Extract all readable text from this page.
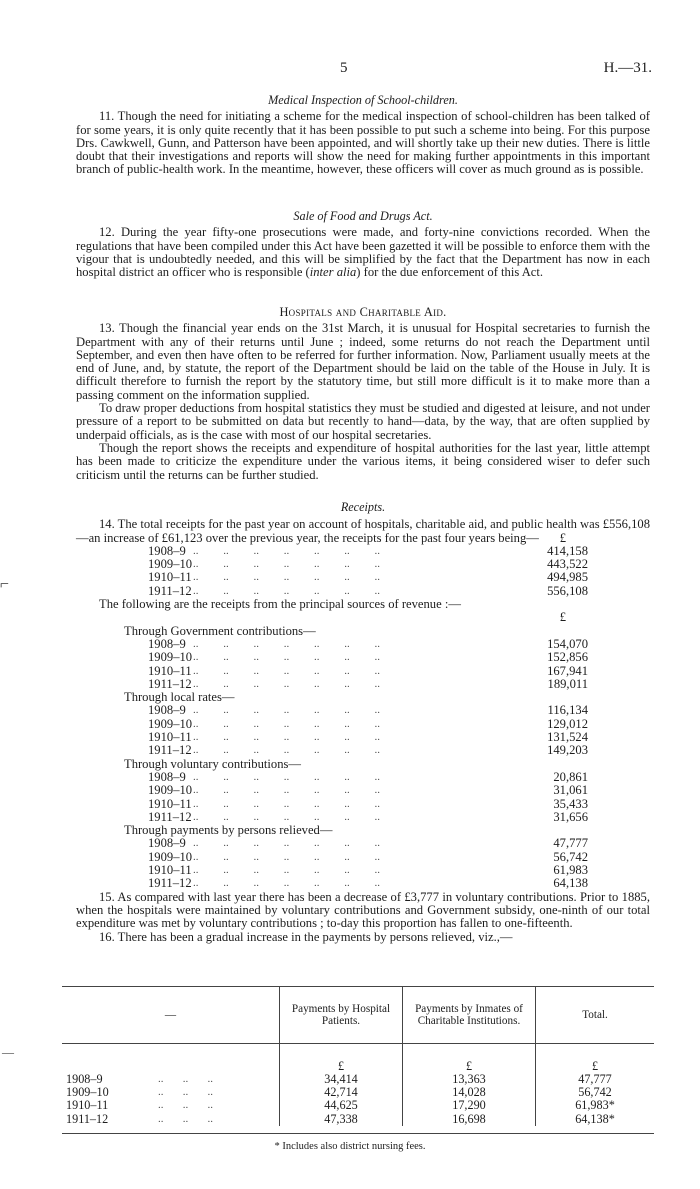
5	H.—31.
Medical Inspection of School-children.

11. Though the need for initiating a scheme for the medical inspection of school-children has been talked of for some years, it is only quite recently that it has been possible to put such a scheme into being. For this purpose Drs. Cawkwell, Gunn, and Patterson have been appointed, and will shortly take up their new duties. There is little doubt that their investigations and reports will show the need for making further appointments in this important branch of public-health work. In the meantime, however, these officers will cover as much ground as is possible.

Sale of Food and Drugs Act.

12. During the year fifty-one prosecutions were made, and forty-nine convictions recorded. When the regulations that have been compiled under this Act have been gazetted it will be possible to enforce them with the vigour that is undoubtedly needed, and this will be simplified by the fact that the Department has now in each hospital district an officer who is responsible (inter alia) for the due enforcement of this Act.

Hospitals and Charitable Aid.

13. Though the financial year ends on the 31st March, it is unusual for Hospital secretaries to furnish the Department with any of their returns until June ; indeed, some returns do not reach the Department until September, and even then have often to be referred for further information. Now, Parliament usually meets at the end of June, and, by statute, the report of the Department should be laid on the table of the House in July. It is difficult therefore to furnish the report by the statutory time, but still more difficult is it to make more than a passing comment on the information supplied.

To draw proper deductions from hospital statistics they must be studied and digested at leisure, and not under pressure of a report to be submitted on data but recently to hand—data, by the way, that are often supplied by underpaid officials, as is the case with most of our hospital secretaries.

Though the report shows the receipts and expenditure of hospital authorities for the last year, little attempt has been made to criticize the expenditure under the various items, it being considered wiser to defer such criticism until the returns can be further studied.

Receipts.

14. The total receipts for the past year on account of hospitals, charitable aid, and public health was £556,108—an increase of £61,123 over the previous year, the receipts for the past four years being—	£
1908–9 ..         ..         ..         ..         ..         ..         ..	414,158
1909–10 ..         ..         ..         ..         ..         ..         ..	443,522
1910–11 ..         ..         ..         ..         ..         ..         ..	494,985
1911–12 ..         ..         ..         ..         ..         ..         ..	556,108

The following are the receipts from the principal sources of revenue :—

£
Through Government contributions—
1908–9 ..         ..         ..         ..         ..         ..         ..	154,070
1909–10 ..         ..         ..         ..         ..         ..         ..	152,856
1910–11 ..         ..         ..         ..         ..         ..         ..	167,941
1911–12 ..         ..         ..         ..         ..         ..         ..	189,011
Through local rates—
1908–9 ..         ..         ..         ..         ..         ..         ..	116,134
1909–10 ..         ..         ..         ..         ..         ..         ..	129,012
1910–11 ..         ..         ..         ..         ..         ..         ..	131,524
1911–12 ..         ..         ..         ..         ..         ..         ..	149,203
Through voluntary contributions—
1908–9 ..         ..         ..         ..         ..         ..         ..	20,861
1909–10 ..         ..         ..         ..         ..         ..         ..	31,061
1910–11 ..         ..         ..         ..         ..         ..         ..	35,433
1911–12 ..         ..         ..         ..         ..         ..         ..	31,656
Through payments by persons relieved—
1908–9 ..         ..         ..         ..         ..         ..         ..	47,777
1909–10 ..         ..         ..         ..         ..         ..         ..	56,742
1910–11 ..         ..         ..         ..         ..         ..         ..	61,983
1911–12 ..         ..         ..         ..         ..         ..         ..	64,138

15. As compared with last year there has been a decrease of £3,777 in voluntary contributions. Prior to 1885, when the hospitals were maintained by voluntary contributions and Government subsidy, one-ninth of our total expenditure was met by voluntary contributions ; to-day this proportion has fallen to one-fifteenth.

16. There has been a gradual increase in the payments by persons relieved, viz.,—

—		Payments by Hospital Patients.	Payments by Inmates of Charitable Institutions.	Total.

		£	£	£
1908–9	..       ..       ..	34,414	13,363	47,777
1909–10	..       ..       ..	42,714	14,028	56,742
1910–11	..       ..       ..	44,625	17,290	61,983*
1911–12	..       ..       ..	47,338	16,698	64,138*
* Includes also district nursing fees.
⌐
—
